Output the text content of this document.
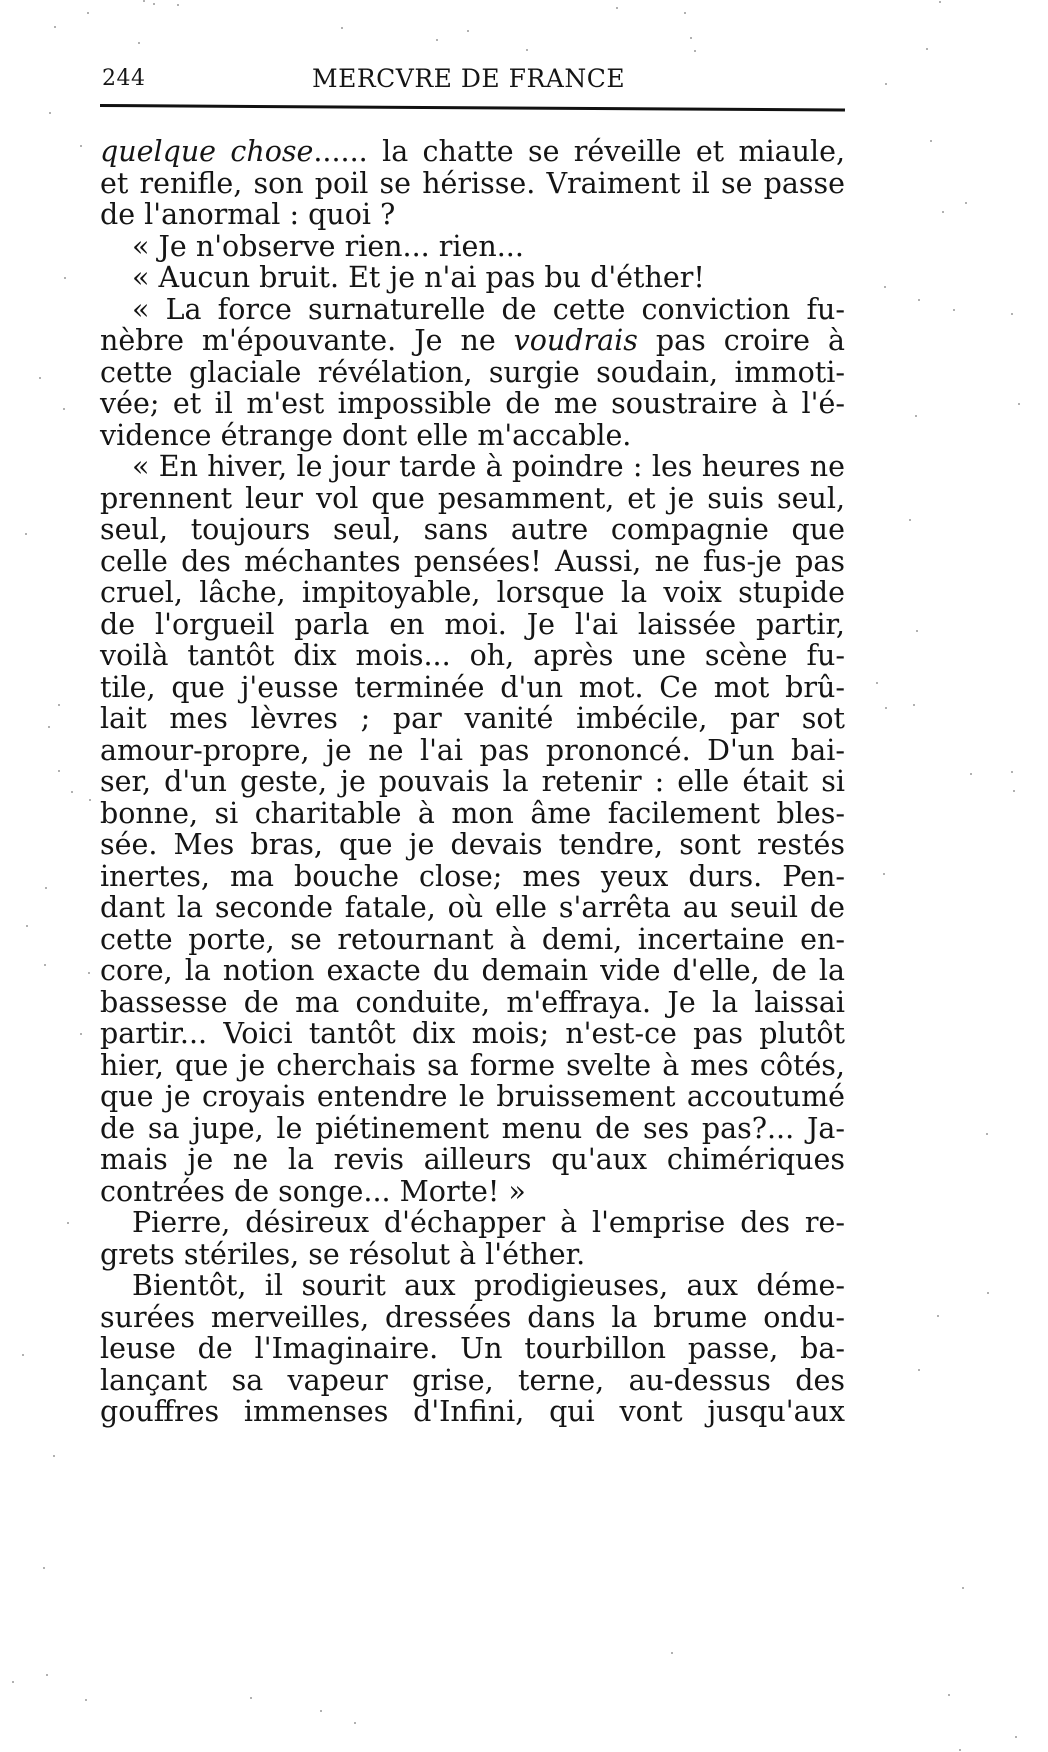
244	MERCVRE DE FRANCE
quelque chose...... la chatte se réveille et miaule,
et renifle, son poil se hérisse. Vraiment il se passe
de l'anormal : quoi ?
« Je n'observe rien... rien...
« Aucun bruit. Et je n'ai pas bu d'éther!
« La force surnaturelle de cette conviction fu-
nèbre m'épouvante. Je ne voudrais pas croire à
cette glaciale révélation, surgie soudain, immoti-
vée; et il m'est impossible de me soustraire à l'é-
vidence étrange dont elle m'accable.
« En hiver, le jour tarde à poindre : les heures ne
prennent leur vol que pesamment, et je suis seul,
seul, toujours seul, sans autre compagnie que
celle des méchantes pensées! Aussi, ne fus-je pas
cruel, lâche, impitoyable, lorsque la voix stupide
de l'orgueil parla en moi. Je l'ai laissée partir,
voilà tantôt dix mois... oh, après une scène fu-
tile, que j'eusse terminée d'un mot. Ce mot brû-
lait mes lèvres ; par vanité imbécile, par sot
amour-propre, je ne l'ai pas prononcé. D'un bai-
ser, d'un geste, je pouvais la retenir : elle était si
bonne, si charitable à mon âme facilement bles-
sée. Mes bras, que je devais tendre, sont restés
inertes, ma bouche close; mes yeux durs. Pen-
dant la seconde fatale, où elle s'arrêta au seuil de
cette porte, se retournant à demi, incertaine en-
core, la notion exacte du demain vide d'elle, de la
bassesse de ma conduite, m'effraya. Je la laissai
partir... Voici tantôt dix mois; n'est-ce pas plutôt
hier, que je cherchais sa forme svelte à mes côtés,
que je croyais entendre le bruissement accoutumé
de sa jupe, le piétinement menu de ses pas?... Ja-
mais je ne la revis ailleurs qu'aux chimériques
contrées de songe... Morte! »
Pierre, désireux d'échapper à l'emprise des re-
grets stériles, se résolut à l'éther.
Bientôt, il sourit aux prodigieuses, aux déme-
surées merveilles, dressées dans la brume ondu-
leuse de l'Imaginaire. Un tourbillon passe, ba-
lançant sa vapeur grise, terne, au-dessus des
gouffres immenses d'Infini, qui vont jusqu'aux
